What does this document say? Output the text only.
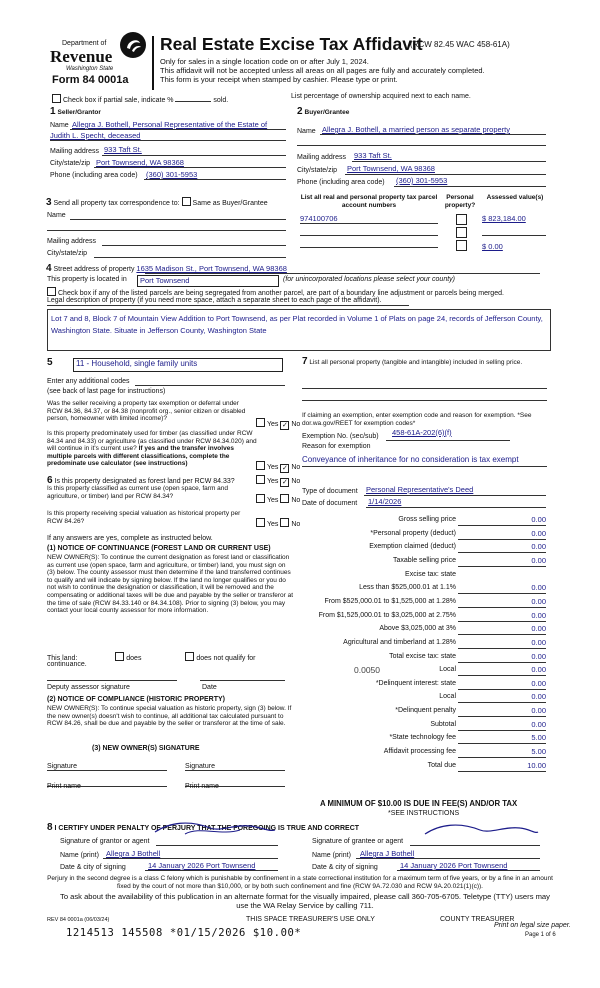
Department of
Revenue
Washington State
Form 84 0001a
Real Estate Excise Tax Affidavit
(RCW 82.45 WAC 458-61A)
Only for sales in a single location code on or after July 1, 2024.
This affidavit will not be accepted unless all areas on all pages are fully and accurately completed.
This form is your receipt when stamped by cashier. Please type or print.
Check box if partial sale, indicate %	sold.
List percentage of ownership acquired next to each name.
1 Seller/Grantor
Name Allegra J. Bothell, Personal Representative of the Estate of
Judith L. Specht, deceased
Mailing address 933 Taft St.
City/state/zip Port Townsend, WA 98368
Phone (including area code) (360) 301-5953
2 Buyer/Grantee
Name Allegra J. Bothell, a married person as separate property
Mailing address 933 Taft St.
City/state/zip Port Townsend, WA 98368
Phone (including area code) (360) 301-5953
3 Send all property tax correspondence to: Same as Buyer/Grantee
Name
Mailing address
City/state/zip
List all real and personal property tax parcel account numbers
Personal property?
Assessed value(s)
974100706	$ 823,184.00
$ 0.00
4 Street address of property 1635 Madison St., Port Townsend, WA 98368
This property is located in	Port Townsend	(for unincorporated locations please select your county)
Check box if any of the listed parcels are being segregated from another parcel, are part of a boundary line adjustment or parcels being merged.
Legal description of property (if you need more space, attach a separate sheet to each page of the affidavit).
Lot 7 and 8, Block 7 of Mountain View Addition to Port Townsend, as per Plat recorded in Volume 1 of Plats on page 24, records of Jefferson County, Washington State. Situate in Jefferson County, Washington State
5	11 - Household, single family units
Enter any additional codes
(see back of last page for instructions)
Was the seller receiving a property tax exemption or deferral under RCW 84.36, 84.37, or 84.38 (nonprofit org., senior citizen or disabled person, homeowner with limited income)?
Yes ✓ No
Is this property predominately used for timber (as classified under RCW 84.34 and 84.33) or agriculture (as classified under RCW 84.34.020) and will continue in it's current use? If yes and the transfer involves multiple parcels with different classifications, complete the predominate use calculator (see instructions)
Yes ✓ No
6 Is this property designated as forest land per RCW 84.33?	Yes ✓ No
Is this property classified as current use (open space, farm and agriculture, or timber) land per RCW 84.34?
Yes No
Is this property receiving special valuation as historical property per RCW 84.26?	Yes No
If any answers are yes, complete as instructed below.
(1) NOTICE OF CONTINUANCE (FOREST LAND OR CURRENT USE)
NEW OWNER(S): To continue the current designation as forest land or classification as current use (open space, farm and agriculture, or timber) land, you must sign on (3) below. The county assessor must then determine if the land transferred continues to qualify and will indicate by signing below. If the land no longer qualifies or you do not wish to continue the designation or classification, it will be removed and the compensating or additional taxes will be due and payable by the seller or transferor at the time of sale (RCW 84.33.140 or 84.34.108). Prior to signing (3) below, you may contact your local county assessor for more information.
This land:	does	does not qualify for
continuance.
Deputy assessor signature	Date
(2) NOTICE OF COMPLIANCE (HISTORIC PROPERTY)
NEW OWNER(S): To continue special valuation as historic property, sign (3) below. If the new owner(s) doesn't wish to continue, all additional tax calculated pursuant to RCW 84.26, shall be due and payable by the seller or transferor at the time of sale.
(3) NEW OWNER(S) SIGNATURE
Signature	Signature
Print name	Print name
7 List all personal property (tangible and intangible) included in selling price.
If claiming an exemption, enter exemption code and reason for exemption. *See dor.wa.gov/REET for exemption codes*
Exemption No. (sec/sub) 458-61A-202(6)(f)
Reason for exemption
Conveyance of inheritance for no consideration is tax exempt
Type of document Personal Representative's Deed
Date of document 1/14/2026
Gross selling price	0.00
*Personal property (deduct)	0.00
Exemption claimed (deduct)	0.00
Taxable selling price	0.00
Excise tax: state
Less than $525,000.01 at 1.1%	0.00
From $525,000.01 to $1,525,000 at 1.28%	0.00
From $1,525,000.01 to $3,025,000 at 2.75%	0.00
Above $3,025,000 at 3%	0.00
Agricultural and timberland at 1.28%	0.00
Total excise tax: state	0.00
Local
0.0050	0.00
*Delinquent interest: state	0.00
Local	0.00
*Delinquent penalty	0.00
Subtotal	0.00
*State technology fee	5.00
Affidavit processing fee	5.00
Total due	10.00
A MINIMUM OF $10.00 IS DUE IN FEE(S) AND/OR TAX
*SEE INSTRUCTIONS
8 I CERTIFY UNDER PENALTY OF PERJURY THAT THE FOREGOING IS TRUE AND CORRECT
Signature of grantor or agent	Signature of grantee or agent
Name (print) Allegra J Bothell	Name (print) Allegra J Bothell
Date & city of signing	14 January 2026 Port Townsend	Date & city of signing	14 January 2026 Port Townsend
Perjury in the second degree is a class C felony which is punishable by confinement in a state correctional institution for a maximum term of five years, or by a fine in an amount fixed by the court of not more than $10,000, or by both such confinement and fine (RCW 9A.72.030 and RCW 9A.20.021(1)(c)).
To ask about the availability of this publication in an alternate format for the visually impaired, please call 360-705-6705. Teletype (TTY) users may use the WA Relay Service by calling 711.
REV 84 0001a (06/03/24)	THIS SPACE TREASURER'S USE ONLY	COUNTY TREASURER
1214513 145508 *01/15/2026 $10.00*
Print on legal size paper.
Page 1 of 6
